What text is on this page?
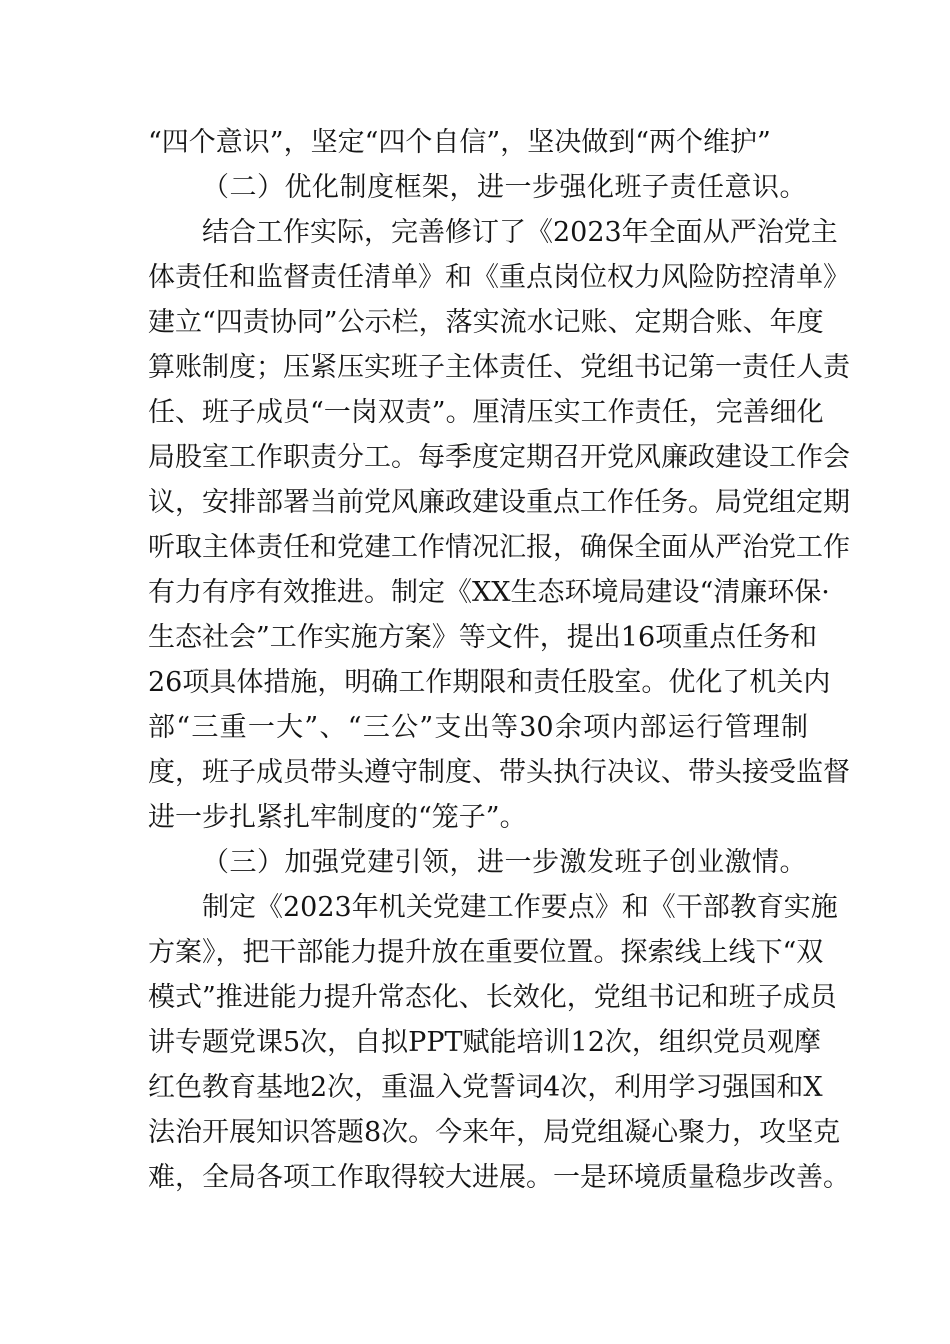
“四个意识”，坚定“四个自信”，坚决做到“两个维护”
（二）优化制度框架，进一步强化班子责任意识。
结合工作实际，完善修订了《2023年全面从严治党主
体责任和监督责任清单》和《重点岗位权力风险防控清单》
建立“四责协同”公示栏，落实流水记账、定期合账、年度
算账制度；压紧压实班子主体责任、党组书记第一责任人责
任、班子成员“一岗双责”。厘清压实工作责任，完善细化
局股室工作职责分工。每季度定期召开党风廉政建设工作会
议，安排部署当前党风廉政建设重点工作任务。局党组定期
听取主体责任和党建工作情况汇报，确保全面从严治党工作
有力有序有效推进。制定《XX生态环境局建设“清廉环保·
生态社会”工作实施方案》等文件，提出16项重点任务和
26项具体措施，明确工作期限和责任股室。优化了机关内
部“三重一大”、“三公”支出等30余项内部运行管理制
度，班子成员带头遵守制度、带头执行决议、带头接受监督
进一步扎紧扎牢制度的“笼子”。
（三）加强党建引领，进一步激发班子创业激情。
制定《2023年机关党建工作要点》和《干部教育实施
方案》，把干部能力提升放在重要位置。探索线上线下“双
模式”推进能力提升常态化、长效化，党组书记和班子成员
讲专题党课5次，自拟PPT赋能培训12次，组织党员观摩
红色教育基地2次，重温入党誓词4次，利用学习强国和X
法治开展知识答题8次。今来年，局党组凝心聚力，攻坚克
难，全局各项工作取得较大进展。一是环境质量稳步改善。
